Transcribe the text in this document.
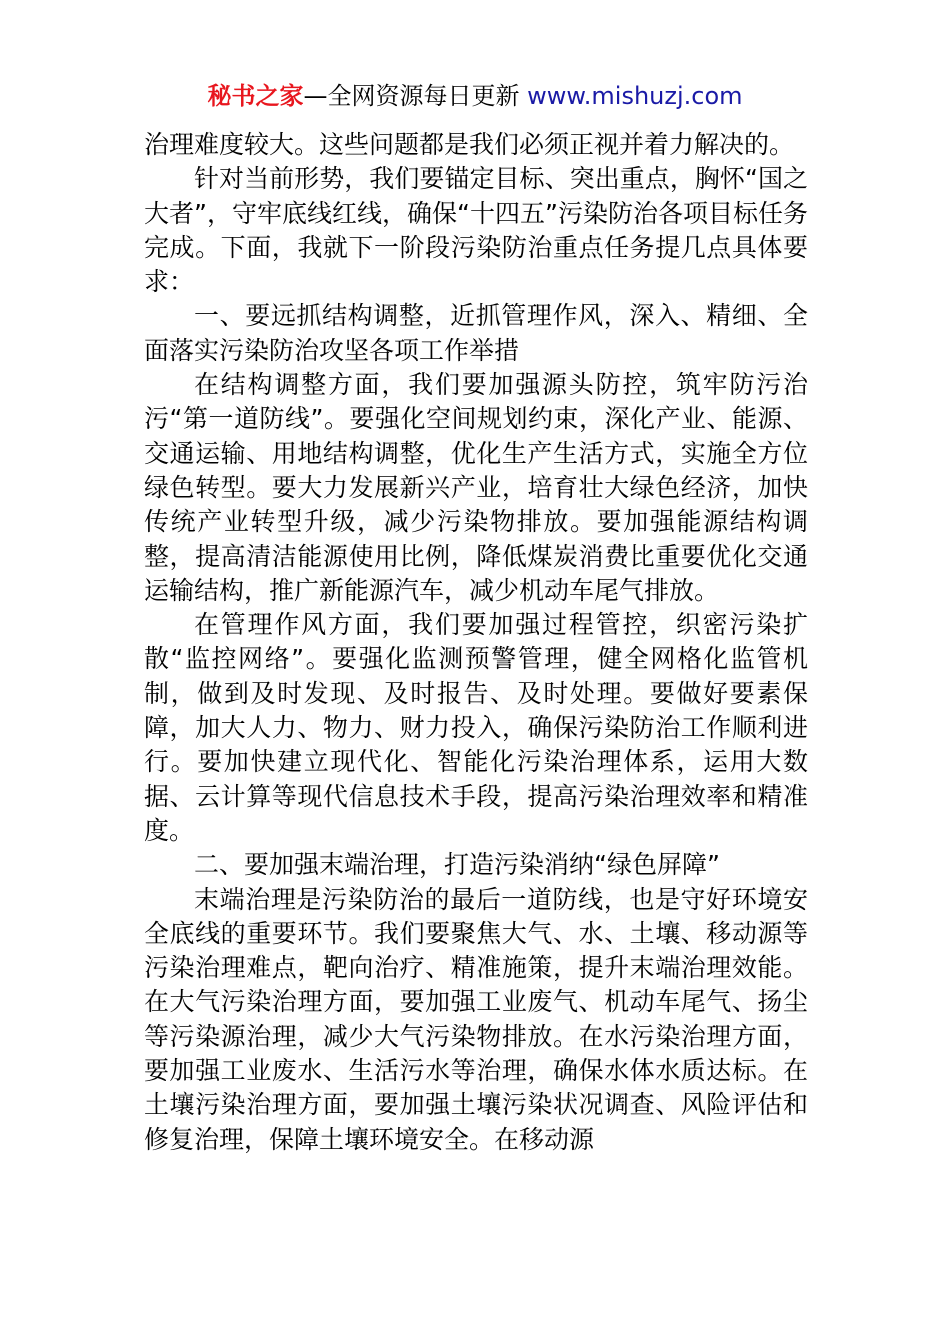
秘书之家—全网资源每日更新 www.mishuzj.com

治理难度较大。这些问题都是我们必须正视并着力解决的。

针对当前形势，我们要锚定目标、突出重点，胸怀“国之大者”，守牢底线红线，确保“十四五”污染防治各项目标任务完成。下面，我就下一阶段污染防治重点任务提几点具体要求：

一、要远抓结构调整，近抓管理作风，深入、精细、全面落实污染防治攻坚各项工作举措

在结构调整方面，我们要加强源头防控，筑牢防污治污“第一道防线”。要强化空间规划约束，深化产业、能源、交通运输、用地结构调整，优化生产生活方式，实施全方位绿色转型。要大力发展新兴产业，培育壮大绿色经济，加快传统产业转型升级，减少污染物排放。要加强能源结构调整，提高清洁能源使用比例，降低煤炭消费比重要优化交通运输结构，推广新能源汽车，减少机动车尾气排放。

在管理作风方面，我们要加强过程管控，织密污染扩散“监控网络”。要强化监测预警管理，健全网格化监管机制，做到及时发现、及时报告、及时处理。要做好要素保障，加大人力、物力、财力投入，确保污染防治工作顺利进行。要加快建立现代化、智能化污染治理体系，运用大数据、云计算等现代信息技术手段，提高污染治理效率和精准度。

二、要加强末端治理，打造污染消纳“绿色屏障”

末端治理是污染防治的最后一道防线，也是守好环境安全底线的重要环节。我们要聚焦大气、水、土壤、移动源等污染治理难点，靶向治疗、精准施策，提升末端治理效能。在大气污染治理方面，要加强工业废气、机动车尾气、扬尘等污染源治理，减少大气污染物排放。在水污染治理方面，要加强工业废水、生活污水等治理，确保水体水质达标。在土壤污染治理方面，要加强土壤污染状况调查、风险评估和修复治理，保障土壤环境安全。在移动源
